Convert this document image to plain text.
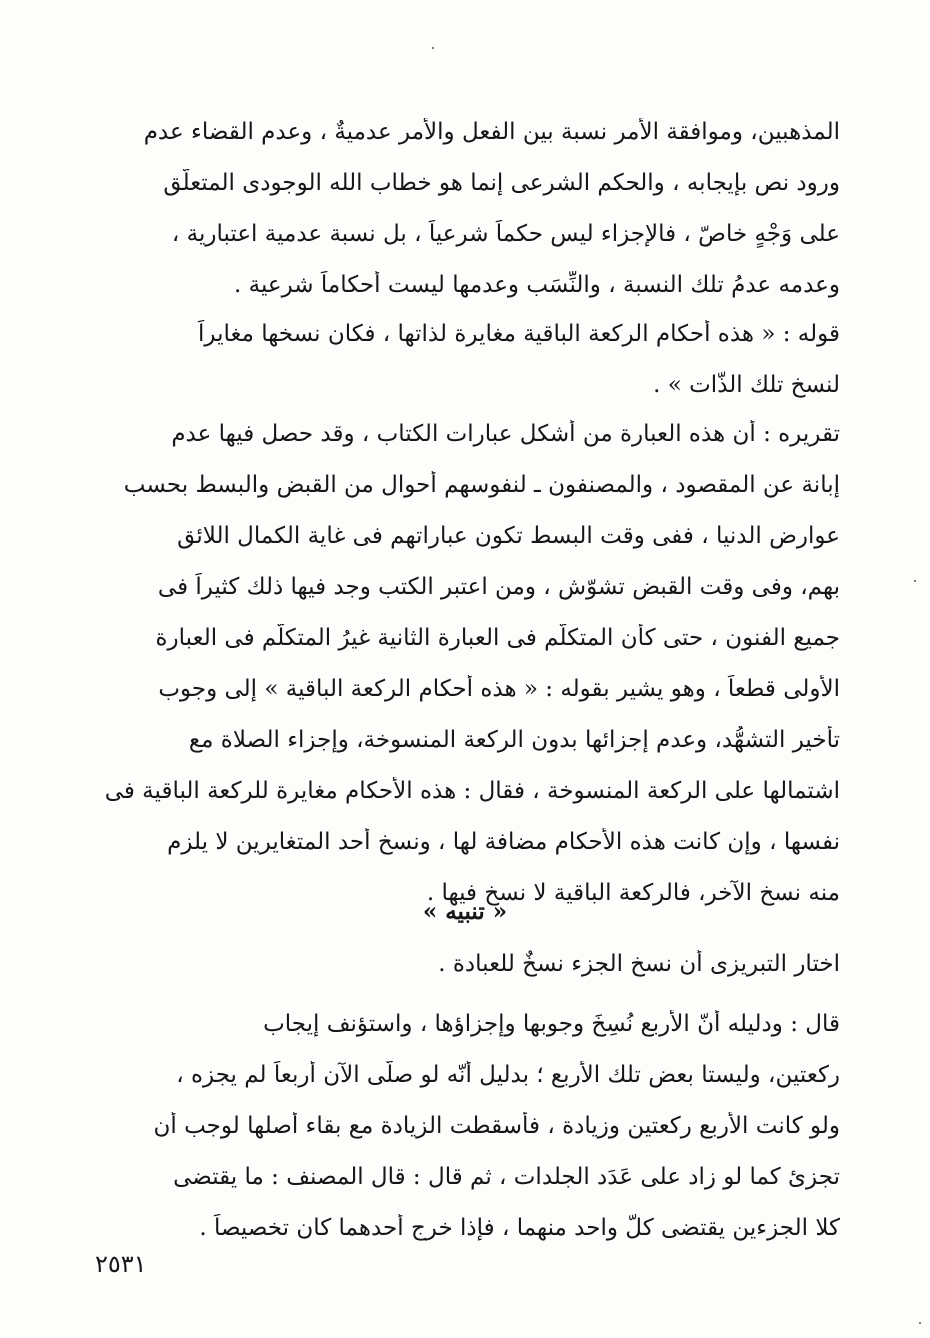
المذهبين، وموافقة الأمر نسبة بين الفعل والأمر عدميةٌ ، وعدم القضاء عدم
ورود نص بإيجابه ، والحكم الشرعى إنما هو خطاب الله الوجودى المتعلّق
على وَجْهٍ خاصّ ، فالإجزاء ليس حكماً شرعياً ، بل نسبة عدمية اعتبارية ،
وعدمه عدمُ تلك النسبة ، والنِّسَب وعدمها ليست أحكاماً شرعية .
قوله : « هذه أحكام الركعة الباقية مغايرة لذاتها ، فكان نسخها مغايراً
لنسخ تلك الذّات » .
تقريره : أن هذه العبارة من أشكل عبارات الكتاب ، وقد حصل فيها عدم
إبانة عن المقصود ، والمصنفون ـ لنفوسهم أحوال من القبض والبسط بحسب
عوارض الدنيا ، ففى وقت البسط تكون عباراتهم فى غاية الكمال اللائق
بهم، وفى وقت القبض تشوّش ، ومن اعتبر الكتب وجد فيها ذلك كثيراً فى
جميع الفنون ، حتى كأن المتكلّم فى العبارة الثانية غيرُ المتكلّم فى العبارة
الأولى قطعاً ، وهو يشير بقوله : « هذه أحكام الركعة الباقية » إلى وجوب
تأخير التشهُّد، وعدم إجزائها بدون الركعة المنسوخة، وإجزاء الصلاة مع
اشتمالها على الركعة المنسوخة ، فقال : هذه الأحكام مغايرة للركعة الباقية فى
نفسها ، وإن كانت هذه الأحكام مضافة لها ، ونسخ أحد المتغايرين لا يلزم
منه نسخ الآخر، فالركعة الباقية لا نسخ فيها .
« تنبيه »
اختار التبريزى أن نسخ الجزء نسخٌ للعبادة .
قال : ودليله أنّ الأربع نُسِخَ وجوبها وإجزاؤها ، واستؤنف إيجاب
ركعتين، وليستا بعض تلك الأربع ؛ بدليل أنّه لو صلّى الآن أربعاً لم يجزه ،
ولو كانت الأربع ركعتين وزيادة ، فأسقطت الزيادة مع بقاء أصلها لوجب أن
تجزئ كما لو زاد على عَدَد الجلدات ، ثم قال : قال المصنف : ما يقتضى
كلا الجزءين يقتضى كلَّ واحد منهما ، فإذا خرج أحدهما كان تخصيصاً .
٢٥٣١
